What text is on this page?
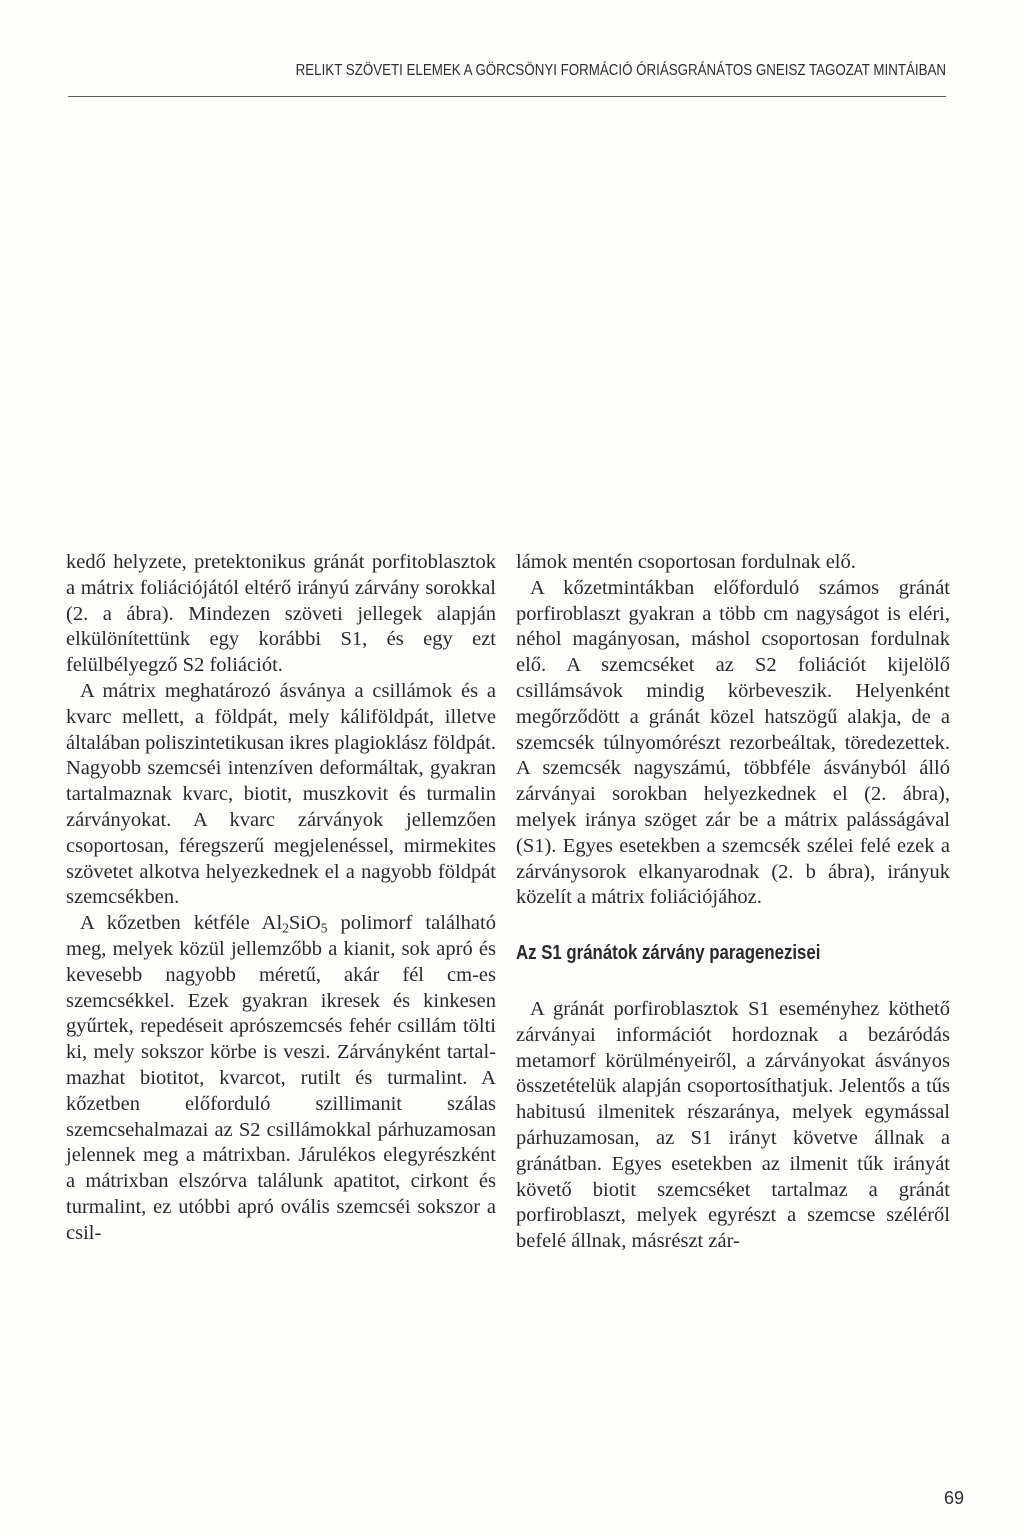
RELIKT SZÖVETI ELEMEK A GÖRCSÖNYI FORMÁCIÓ ÓRIÁSGRÁNÁTOS GNEISZ TAGOZAT MINTÁIBAN

kedő helyzete, pretektonikus gránát porfitoblasztok a mátrix foliációjától eltérő irányú zárvány sorokkal (2. a ábra). Mindezen szöveti jellegek alapján elkülönítettünk egy korábbi S1, és egy ezt felülbélyegző S2 foliációt.

A mátrix meghatározó ásványa a csillámok és a kvarc mellett, a földpát, mely káliföldpát, illetve általában poliszintetikusan ikres plagioklász földpát. Nagyobb szemcséi intenzíven deformáltak, gyakran tartalmaznak kvarc, biotit, muszkovit és turmalin zárványokat. A kvarc zárványok jellemzően csoportosan, féregszerű megjelenéssel, mirmekites szövetet alkotva helyezkednek el a nagyobb földpát szemcsékben.

A kőzetben kétféle $Al_2SiO_5$ polimorf található meg, melyek közül jellemzőbb a kianit, sok apró és kevesebb nagyobb méretű, akár fél cm-es szemcsékkel. Ezek gyakran ikresek és kinkesen gyűrtek, repedéseit aprószemcsés fehér csillám tölti ki, mely sokszor körbe is veszi. Zárványként tartalmazhat biotitot, kvarcot, rutilt és turmalint. A kőzetben előforduló szillimanit szálas szemcsehalmazai az S2 csillámokkal párhuzamosan jelennek meg a mátrixban. Járulékos elegyrészként a mátrixban elszórva találunk apatitot, cirkont és turmalint, ez utóbbi apró ovális szemcséi sokszor a csil-

lámok mentén csoportosan fordulnak elő.

A kőzetmintákban előforduló számos gránát porfiroblaszt gyakran a több cm nagyságot is eléri, néhol magányosan, máshol csoportosan fordulnak elő. A szemcséket az S2 foliációt kijelölő csillámsávok mindig körbeveszik. Helyenként megőrződött a gránát közel hatszögű alakja, de a szemcsék túlnyomórészt rezorbeáltak, töredezettek. A szemcsék nagyszámú, többféle ásványból álló zárványai sorokban helyezkednek el (2. ábra), melyek iránya szöget zár be a mátrix palásságával (S1). Egyes esetekben a szemcsék szélei felé ezek a zárványsorok elkanyarodnak (2. b ábra), irányuk közelít a mátrix foliációjához.

Az S1 gránátok zárvány paragenezisei

A gránát porfiroblasztok S1 eseményhez köthető zárványai információt hordoznak a bezáródás metamorf körülményeiről, a zárványokat ásványos összetételük alapján csoportosíthatjuk. Jelentős a tűs habitusú ilmenitek részaránya, melyek egymással párhuzamosan, az S1 irányt követve állnak a gránátban. Egyes esetekben az ilmenit tűk irányát követő biotit szemcséket tartalmaz a gránát porfiroblaszt, melyek egyrészt a szemcse széléről befelé állnak, másrészt zár-

69
